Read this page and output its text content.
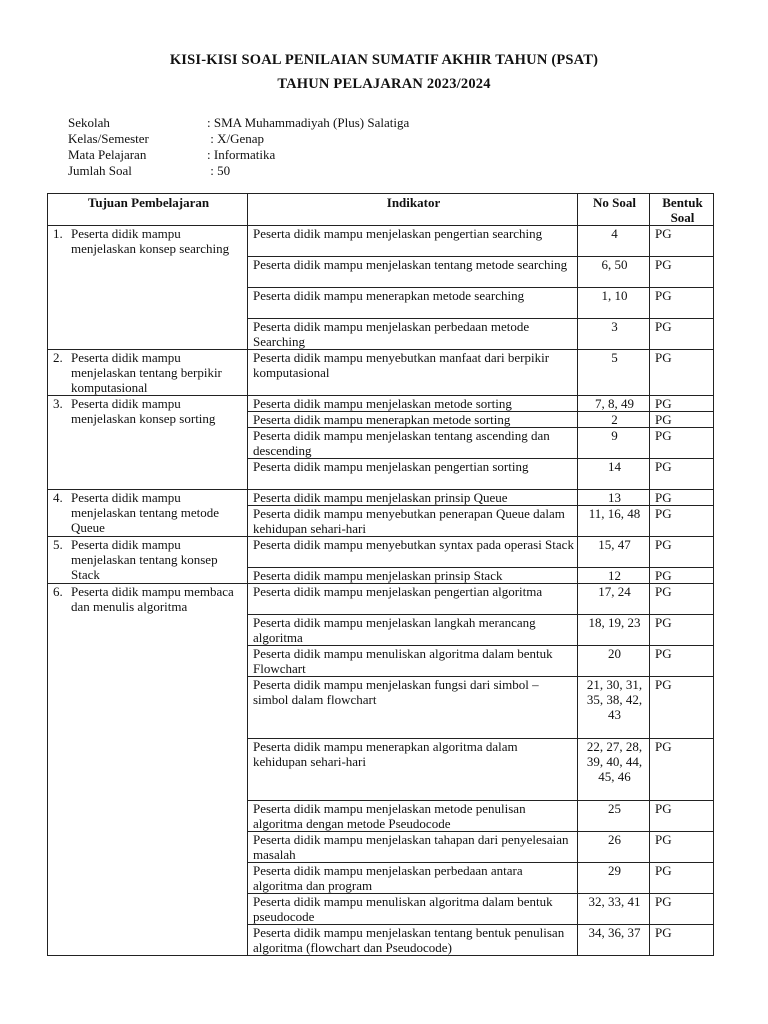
KISI-KISI SOAL PENILAIAN SUMATIF AKHIR TAHUN (PSAT)
TAHUN PELAJARAN 2023/2024
Sekolah	: SMA Muhammadiyah (Plus) Salatiga
Kelas/Semester	: X/Genap
Mata Pelajaran	: Informatika
Jumlah Soal	: 50
Tujuan Pembelajaran	Indikator	No Soal	Bentuk Soal

1. Peserta didik mampu menjelaskan konsep searching	Peserta didik mampu menjelaskan pengertian searching	4	PG
	Peserta didik mampu menjelaskan tentang metode searching	6, 50	PG
	Peserta didik mampu menerapkan metode searching	1, 10	PG
	Peserta didik mampu menjelaskan perbedaan metode Searching	3	PG

2. Peserta didik mampu menjelaskan tentang berpikir komputasional	Peserta didik mampu menyebutkan manfaat dari berpikir komputasional	5	PG

3. Peserta didik mampu menjelaskan konsep sorting	Peserta didik mampu menjelaskan metode sorting	7, 8, 49	PG
	Peserta didik mampu menerapkan metode sorting	2	PG
	Peserta didik mampu menjelaskan tentang ascending dan descending	9	PG
	Peserta didik mampu menjelaskan pengertian sorting	14	PG

4. Peserta didik mampu menjelaskan tentang metode Queue	Peserta didik mampu menjelaskan prinsip Queue	13	PG
	Peserta didik mampu menyebutkan penerapan Queue dalam kehidupan sehari-hari	11, 16, 48	PG

5. Peserta didik mampu menjelaskan tentang konsep Stack	Peserta didik mampu menyebutkan syntax pada operasi Stack	15, 47	PG
	Peserta didik mampu menjelaskan prinsip Stack	12	PG

6. Peserta didik mampu membaca dan menulis algoritma	Peserta didik mampu menjelaskan pengertian algoritma	17, 24	PG
	Peserta didik mampu menjelaskan langkah merancang algoritma	18, 19, 23	PG
	Peserta didik mampu menuliskan algoritma dalam bentuk Flowchart	20	PG
	Peserta didik mampu menjelaskan fungsi dari simbol – simbol dalam flowchart	21, 30, 31, 35, 38, 42, 43	PG
	Peserta didik mampu menerapkan algoritma dalam kehidupan sehari-hari	22, 27, 28, 39, 40, 44, 45, 46	PG
	Peserta didik mampu menjelaskan metode penulisan algoritma dengan metode Pseudocode	25	PG
	Peserta didik mampu menjelaskan tahapan dari penyelesaian masalah	26	PG
	Peserta didik mampu menjelaskan perbedaan antara algoritma dan program	29	PG
	Peserta didik mampu menuliskan algoritma dalam bentuk pseudocode	32, 33, 41	PG
	Peserta didik mampu menjelaskan tentang bentuk penulisan algoritma (flowchart dan Pseudocode)	34, 36, 37	PG
